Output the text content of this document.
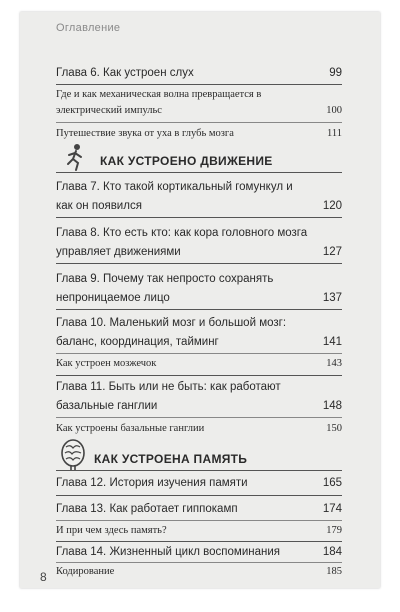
Оглавление
Глава 6. Как устроен слух	99
Где и как механическая волна превращается в электрический импульс	100
Путешествие звука от уха в глубь мозга	111
КАК УСТРОЕНО ДВИЖЕНИЕ
Глава 7. Кто такой кортикальный гомункул и как он появился	120
Глава 8. Кто есть кто: как кора головного мозга управляет движениями	127
Глава 9. Почему так непросто сохранять непроницаемое лицо	137
Глава 10. Маленький мозг и большой мозг: баланс, координация, тайминг	141
Как устроен мозжечок	143
Глава 11. Быть или не быть: как работают базальные ганглии	148
Как устроены базальные ганглии	150
КАК УСТРОЕНА ПАМЯТЬ
Глава 12. История изучения памяти	165
Глава 13. Как работает гиппокамп	174
И при чем здесь память?	179
Глава 14. Жизненный цикл воспоминания	184
Кодирование	185
8
